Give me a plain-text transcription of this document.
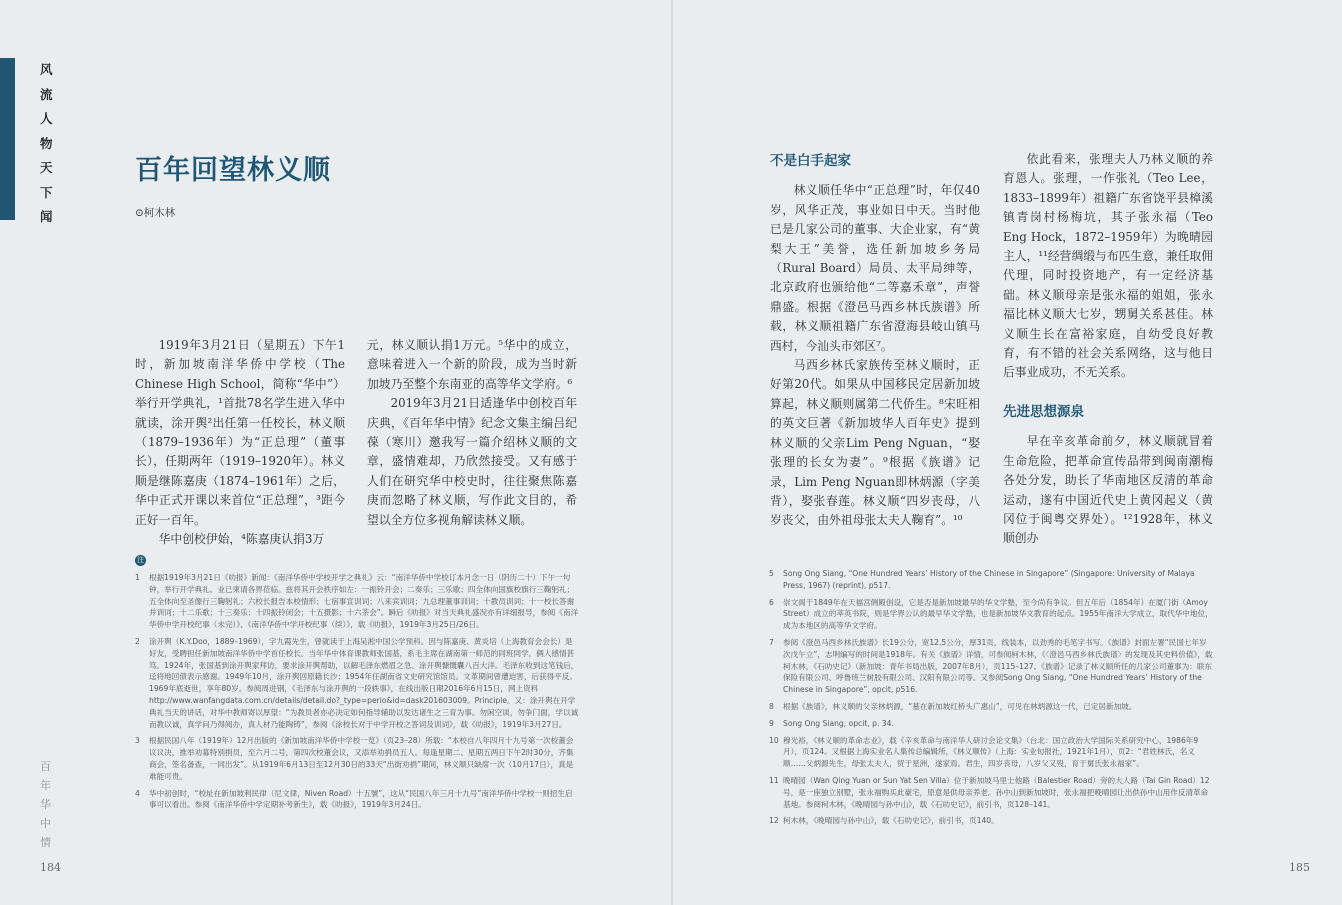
风
流
人
物
天
下
闻
百
年
华
中
情
184
百年回望林义顺
⊙柯木林

1919年3月21日（星期五）下午1时，新加坡南洋华侨中学校（The Chinese High School，简称“华中”）举行开学典礼，¹首批78名学生进入华中就读，涂开舆²出任第一任校长，林义顺（1879–1936年）为“正总理”（董事长），任期两年（1919–1920年）。林义顺是继陈嘉庚（1874–1961年）之后，华中正式开课以来首位“正总理”，³距今正好一百年。

华中创校伊始，⁴陈嘉庚认捐3万

元，林义顺认捐1万元。⁵华中的成立，意味着进入一个新的阶段，成为当时新加坡乃至整个东南亚的高等华文学府。⁶

2019年3月21日适逢华中创校百年庆典，《百年华中情》纪念文集主编吕纪葆（寒川）邀我写一篇介绍林义顺的文章，盛情难却，乃欣然接受。又有感于人们在研究华中校史时，往往聚焦陈嘉庚而忽略了林义顺，写作此文目的，希望以全方位多视角解读林义顺。

注
1	根据1919年3月21日《叻报》新闻：《南洋华侨中学校开学之典礼》云：“南洋华侨中学校订本月念一日（阴历二十）下午一句钟，举行开学典礼。业已柬请各界莅临。兹将其开会秩序如左：一振铃开会；二奏乐；三乐歌；四全体向国旗校旗行三鞠躬礼；五全体向至圣像行三鞠躬礼；六校长报告本校情形；七宿事宣训词；八来宾训词；九总理董事训词；十教员训词；十一校长答谢并训词；十二乐歌；十三奏乐；十四振铃闭会；十五摄影；十六茶会”。瞬后《叻报》对当天典礼盛况亦有详细报导，参阅《南洋华侨中学开校纪事（未完）》、《南洋华侨中学开校纪事（续）》，载《叻报》，1919年3月25日/26日。
2	涂开舆（K.Y.Doo，1889–1969），字九霞先生，曾就读于上海吴淞中国公学预科。因与陈嘉庚、黄炎培（上海教育会会长）是好友，受聘担任新加坡南洋华侨中学首任校长。当年华中体育课教师张国基，系毛主席在湖南第一师范的同班同学，俩人感情甚笃。1924年，张国基到涂开舆家拜访，要求涂开舆帮助，以解毛泽东燃眉之急。涂开舆慷慨囊八百大洋。毛泽东收到这笔钱后，迳将地回债表示感谢。1949年10月，涂开舆回原籍长沙；1954年任湖南省文史研究馆馆员。文革期间曾遭迫害，后获得平反。1969年底逝世，享年80岁。参阅周进钢，《毛泽东与涂开舆的一段轶事》，在线出版日期2016年6月15日，网上资料http://www.wanfangdata.com.cn/details/detail.do?_type=perio&id=dask201603009。Principle。又：涂开舆在开学典礼当天的讲话，对华中教师寄以厚望：“为教员者亦必决定如何指导辅助以发达诸生之三育为事。勿闲空谈，勿争门面，学以诚而教以诚，真学问乃得阅办，真人材乃能陶铸”，参阅《涂校长对于中学开校之答词及训词》，载《叻报》，1919年3月27日。
3	根据民国八年（1919年）12月出版的《新加坡南洋华侨中学校一览》（页23–28）所载：“本校自八年四月十九号第一次校董会议议决，推举劝募特别捐员，至六月二号，第四次校董会议，又添举劝捐员五人。每逢星期二、星期五两日下午2时30分，齐集商会，签名备查，一同出发”。从1919年6月13日至12月30日的33天“出街劝捐”期间，林义顺只缺席一次（10月17日），真是难能可贵。
4	华中初创时，“校址在新加坡利民律（尼文律，Niven Road）十五號”，这从“民国八年三月十九号”南洋华侨中学校一则招生启事可以看出。参阅《南洋华侨中学定期补考新生》，载《叻报》，1919年3月24日。
不是白手起家

林义顺任华中“正总理”时，年仅40岁，风华正茂，事业如日中天。当时他已是几家公司的董事、大企业家，有“黄梨大王”美誉，选任新加坡乡务局（Rural Board）局员、太平局绅等，北京政府也颁给他“二等嘉禾章”，声誉鼎盛。根据《澄邑马西乡林氏族谱》所载，林义顺祖籍广东省澄海县岐山镇马西村，今汕头市郊区⁷。

马西乡林氏家族传至林义顺时，正好第20代。如果从中国移民定居新加坡算起，林义顺则属第二代侨生。⁸宋旺相的英文巨著《新加坡华人百年史》提到林义顺的父亲Lim Peng Nguan，“娶张理的长女为妻”。⁹根据《族谱》记录，Lim Peng Nguan即林炳源（字美背），娶张春莲。林义顺“四岁丧母，八岁丧父，由外祖母张太夫人鞠育”。¹⁰

依此看来，张理夫人乃林义顺的养育恩人。张理，一作张礼（Teo Lee，1833–1899年）祖籍广东省饶平县樟溪镇青岗村杨梅坑，其子张永福（Teo Eng Hock，1872–1959年）为晚晴园主人，¹¹经营绸缎与布匹生意，兼任取佣代理，同时投资地产，有一定经济基础。林义顺母亲是张永福的姐姐，张永福比林义顺大七岁，甥舅关系甚佳。林义顺生长在富裕家庭，自幼受良好教育，有不错的社会关系网络，这与他日后事业成功，不无关系。

先进思想源泉

早在辛亥革命前夕，林义顺就冒着生命危险，把革命宣传品带到闽南潮梅各处分发，助长了华南地区反清的革命运动，遂有中国近代史上黄冈起义（黄冈位于闽粤交界处）。¹²1928年，林义顺创办

5	Song Ong Siang, “One Hundred Years’ History of the Chinese in Singapore” (Singapore: University of Malaya Press, 1967) (reprint), p517.
6	崇文阁于1849年在天福宫侧殿创设，它是否是新加坡最早的华文学塾，至今尚有争议。但五年后（1854年）在厦门街（Amoy Street）成立的萃英书院，则是学界公认的最早华文学塾，也是新加坡华文教育的起点。1955年南洋大学成立，取代华中地位，成为本地区的高等华文学府。
7	参阅《澄邑马西乡林氏族谱》长19公分，宽12.5公分，厚31页，线装本，以劲秀的毛笔字书写。《族谱》封面左署“民国七年岁次戊午立”，志明编写的时间是1918年。有关《族谱》详情，可参阅柯木林，《〈澄邑马西乡林氏族谱〉的发现及其史料价值》，载柯木林，《石叻史记》（新加坡：青年书局出版，2007年8月），页115–127。《族谱》记录了林义顺所任的几家公司董事为：联东保险有限公司、呼鲁班兰树胶有限公司、汉阳有限公司等。又参阅Song Ong Siang, “One Hundred Years’ History of the Chinese in Singapore”, opcit, p516.
8	根据《族谱》，林义顺的父亲林炳源，“墓在新加坡红桥头广惠山”，可见在林炳源这一代，已定居新加坡。
9	Song Ong Siang, opcit, p. 34.
10 穆光裕，《林义顺的革命志业》，载《辛亥革命与南洋华人研讨会论文集》（台北：国立政治大学国际关系研究中心，1986年9月），页124。又根据上海实业名人集传总编辑所，《林义顺传》（上海：实业旬报社，1921年1月），页2：“君姓林氏，名义顺……父炳源先生，母张太夫人，贸于星洲，遂家焉。君生，四岁丧母，八岁父又殁，育于舅氏张永福家”。
11 晚晴园（Wan Qing Yuan or Sun Yat Sen Villa）位于新加坡马里士他路（Balestier Road）旁的大人路（Tai Gin Road）12号，是一座独立别墅，张永福购买此豪宅，原意是供母亲养老。孙中山到新加坡时，张永福把晚晴园让出供孙中山用作反清革命基地。参阅柯木林，《晚晴园与孙中山》，载《石叻史记》，前引书，页128–141。
12 柯木林，《晚晴园与孙中山》，载《石叻史记》，前引书，页140。
185
